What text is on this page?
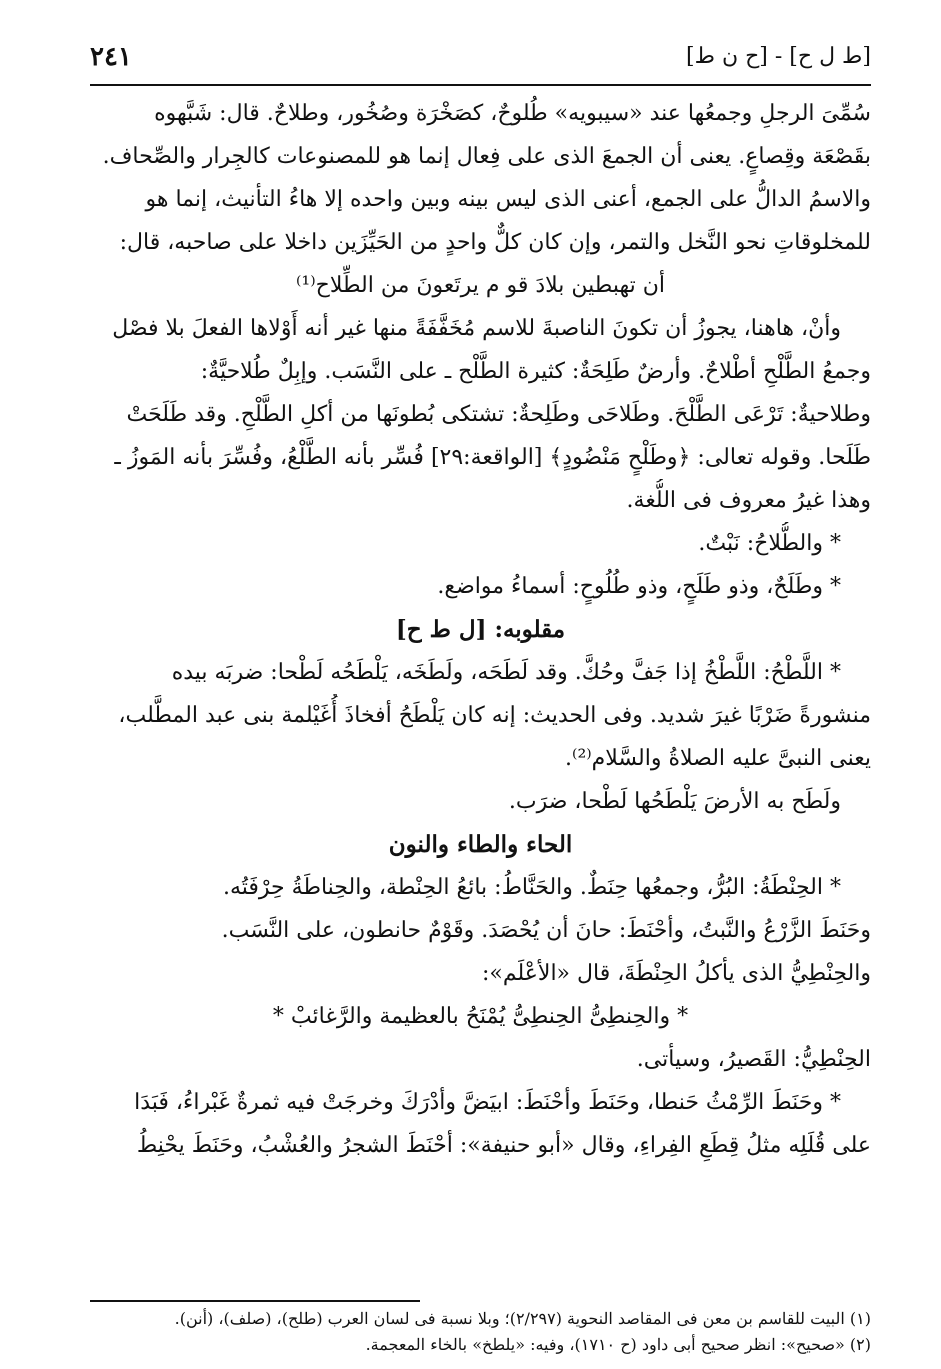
[ط ل ح] - [ح ن ط]
٢٤١
سُمِّىَ الرجلِ وجمعُها عند «سيبويه» طُلوحٌ، كصَخْرَة وصُخُور، وطلاحٌ. قال: شَبَّهوه
بقَصْعَة وقِصاعٍ. يعنى أن الجمعَ الذى على فِعال إنما هو للمصنوعات كالجِرار والصِّحاف.
والاسمُ الدالُّ على الجمع، أعنى الذى ليس بينه وبين واحده إلا هاءُ التأنيث، إنما هو
للمخلوقاتِ نحو النَّخل والتمر، وإن كان كلٌّ واحدٍ من الحَيِّزَين داخلا على صاحبه، قال:
أن تهبطين بلادَ قو م يرتَعونَ من الطِّلاح⁽¹⁾
وأنْ، هاهنا، يجوزُ أن تكونَ الناصبةَ للاسم مُخَفَّفَةً منها غير أنه أَوْلاها الفعلَ بلا فصْل
وجمعُ الطَّلْحِ أطْلاحٌ. وأرضٌ طَلِحَةٌ: كثيرة الطَّلْح ـ على النَّسَب. وإبِلٌ طُلاحيَّةٌ:
وطلاحيةٌ: تَرْعَى الطَّلْحَ. وطَلاحَى وطَلِحةٌ: تشتكى بُطونَها من أكلِ الطَّلْحِ. وقد طَلَحَتْ
طَلَحا. وقوله تعالى: ﴿وطَلْحٍ مَنْضُودٍ﴾ [الواقعة:٢٩] فُسِّر بأنه الطَّلْعُ، وفُسِّرَ بأنه المَوزُ ـ
وهذا غيرُ معروف فى اللُّغة.
* والطُّلاحُ: نَبْتٌ.
* وطَلَحٌ، وذو طَلَحٍ، وذو طُلُوحٍ: أسماءُ مواضع.
مقلوبه: [ل ط ح]
* اللَّطْحُ: اللَّطْخُ إذا جَفَّ وحُكَّ. وقد لَطَحَه، ولَطَخَه، يَلْطَحُه لَطْحا: ضربَه بيده
منشورةً ضَرْبًا غيرَ شديد. وفى الحديث: إنه كان يَلْطَحُ أفخاذَ أُغَيْلمة بنى عبد المطَّلب،
يعنى النبىَّ عليه الصلاةُ والسَّلام⁽²⁾.
ولَطَح به الأرضَ يَلْطَحُها لَطْحا، ضرَب.
الحاء والطاء والنون
* الحِنْطَةُ: البُرُّ، وجمعُها حِنَطٌ. والحَنَّاطُ: بائعُ الحِنْطة، والحِناطَةُ حِرْفَتُه.
وحَنَطَ الزَّرْعُ والنَّبتُ، وأحْنَطَ: حانَ أن يُحْصَدَ. وقَوْمٌ حانطون، على النَّسَب.
والحِنْطِيُّ الذى يأكلُ الحِنْطَةَ، قال «الأعْلَم»:
* والحِنطِىُّ الحِنطِىُّ يُمْنَحُ بالعظيمة والرَّغائبْ *
الحِنْطِيُّ: القَصيرُ، وسيأتى.
* وحَنَطَ الرِّمْثُ حَنطا، وحَنَطَ وأحْنَطَ: ابيَضَّ وأدْرَكَ وخرجَتْ فيه ثمرةٌ غَبْراءُ، فَبَدَا
على قُلَلِه مثلُ قِطَعِ الفِراءِ، وقال «أبو حنيفة»: أحْنَطَ الشجرُ والعُشْبُ، وحَنَطَ يحْنِطُ
(١) البيت للقاسم بن معن فى المقاصد النحوية (٢/٢٩٧)؛ وبلا نسبة فى لسان العرب (طلح)، (صلف)، (أنن).
(٢) «صحيح»: انظر صحيح أبى داود (ح ١٧١٠)، وفيه: «يلطخ» بالخاء المعجمة.
